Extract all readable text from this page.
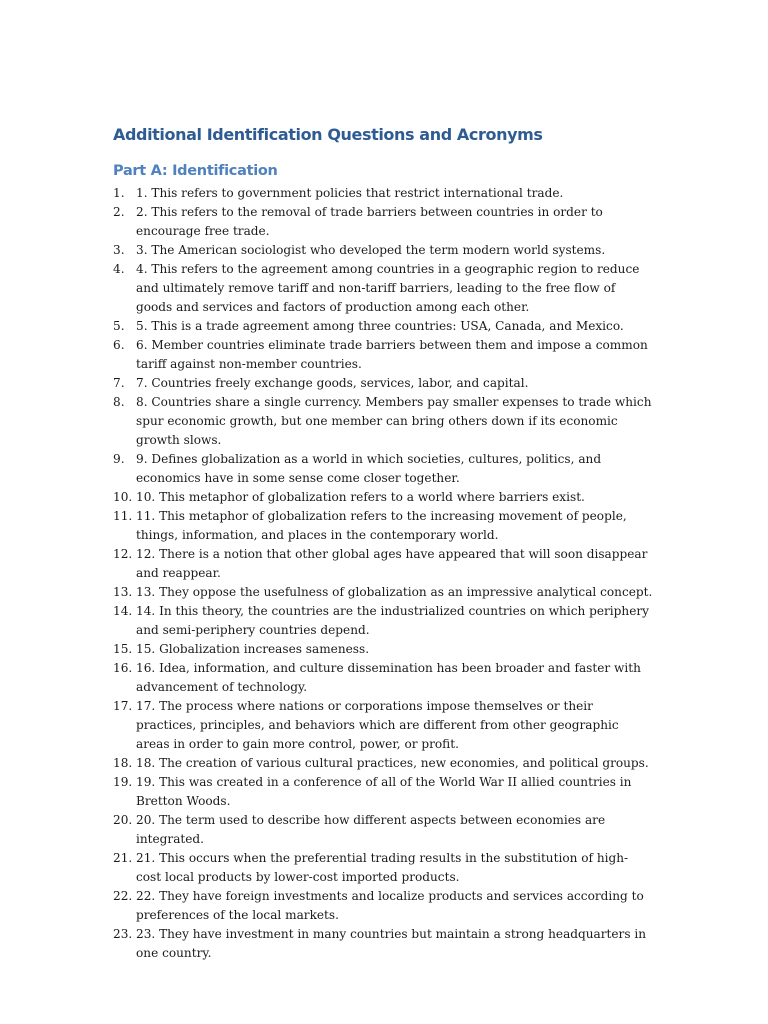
Additional Identification Questions and Acronyms
Part A: Identification
1. 1. This refers to government policies that restrict international trade.
2. 2. This refers to the removal of trade barriers between countries in order to encourage free trade.
3. 3. The American sociologist who developed the term modern world systems.
4. 4. This refers to the agreement among countries in a geographic region to reduce and ultimately remove tariff and non-tariff barriers, leading to the free flow of goods and services and factors of production among each other.
5. 5. This is a trade agreement among three countries: USA, Canada, and Mexico.
6. 6. Member countries eliminate trade barriers between them and impose a common tariff against non-member countries.
7. 7. Countries freely exchange goods, services, labor, and capital.
8. 8. Countries share a single currency. Members pay smaller expenses to trade which spur economic growth, but one member can bring others down if its economic growth slows.
9. 9. Defines globalization as a world in which societies, cultures, politics, and economics have in some sense come closer together.
10. 10. This metaphor of globalization refers to a world where barriers exist.
11. 11. This metaphor of globalization refers to the increasing movement of people, things, information, and places in the contemporary world.
12. 12. There is a notion that other global ages have appeared that will soon disappear and reappear.
13. 13. They oppose the usefulness of globalization as an impressive analytical concept.
14. 14. In this theory, the countries are the industrialized countries on which periphery and semi-periphery countries depend.
15. 15. Globalization increases sameness.
16. 16. Idea, information, and culture dissemination has been broader and faster with advancement of technology.
17. 17. The process where nations or corporations impose themselves or their practices, principles, and behaviors which are different from other geographic areas in order to gain more control, power, or profit.
18. 18. The creation of various cultural practices, new economies, and political groups.
19. 19. This was created in a conference of all of the World War II allied countries in Bretton Woods.
20. 20. The term used to describe how different aspects between economies are integrated.
21. 21. This occurs when the preferential trading results in the substitution of high-cost local products by lower-cost imported products.
22. 22. They have foreign investments and localize products and services according to preferences of the local markets.
23. 23. They have investment in many countries but maintain a strong headquarters in one country.
